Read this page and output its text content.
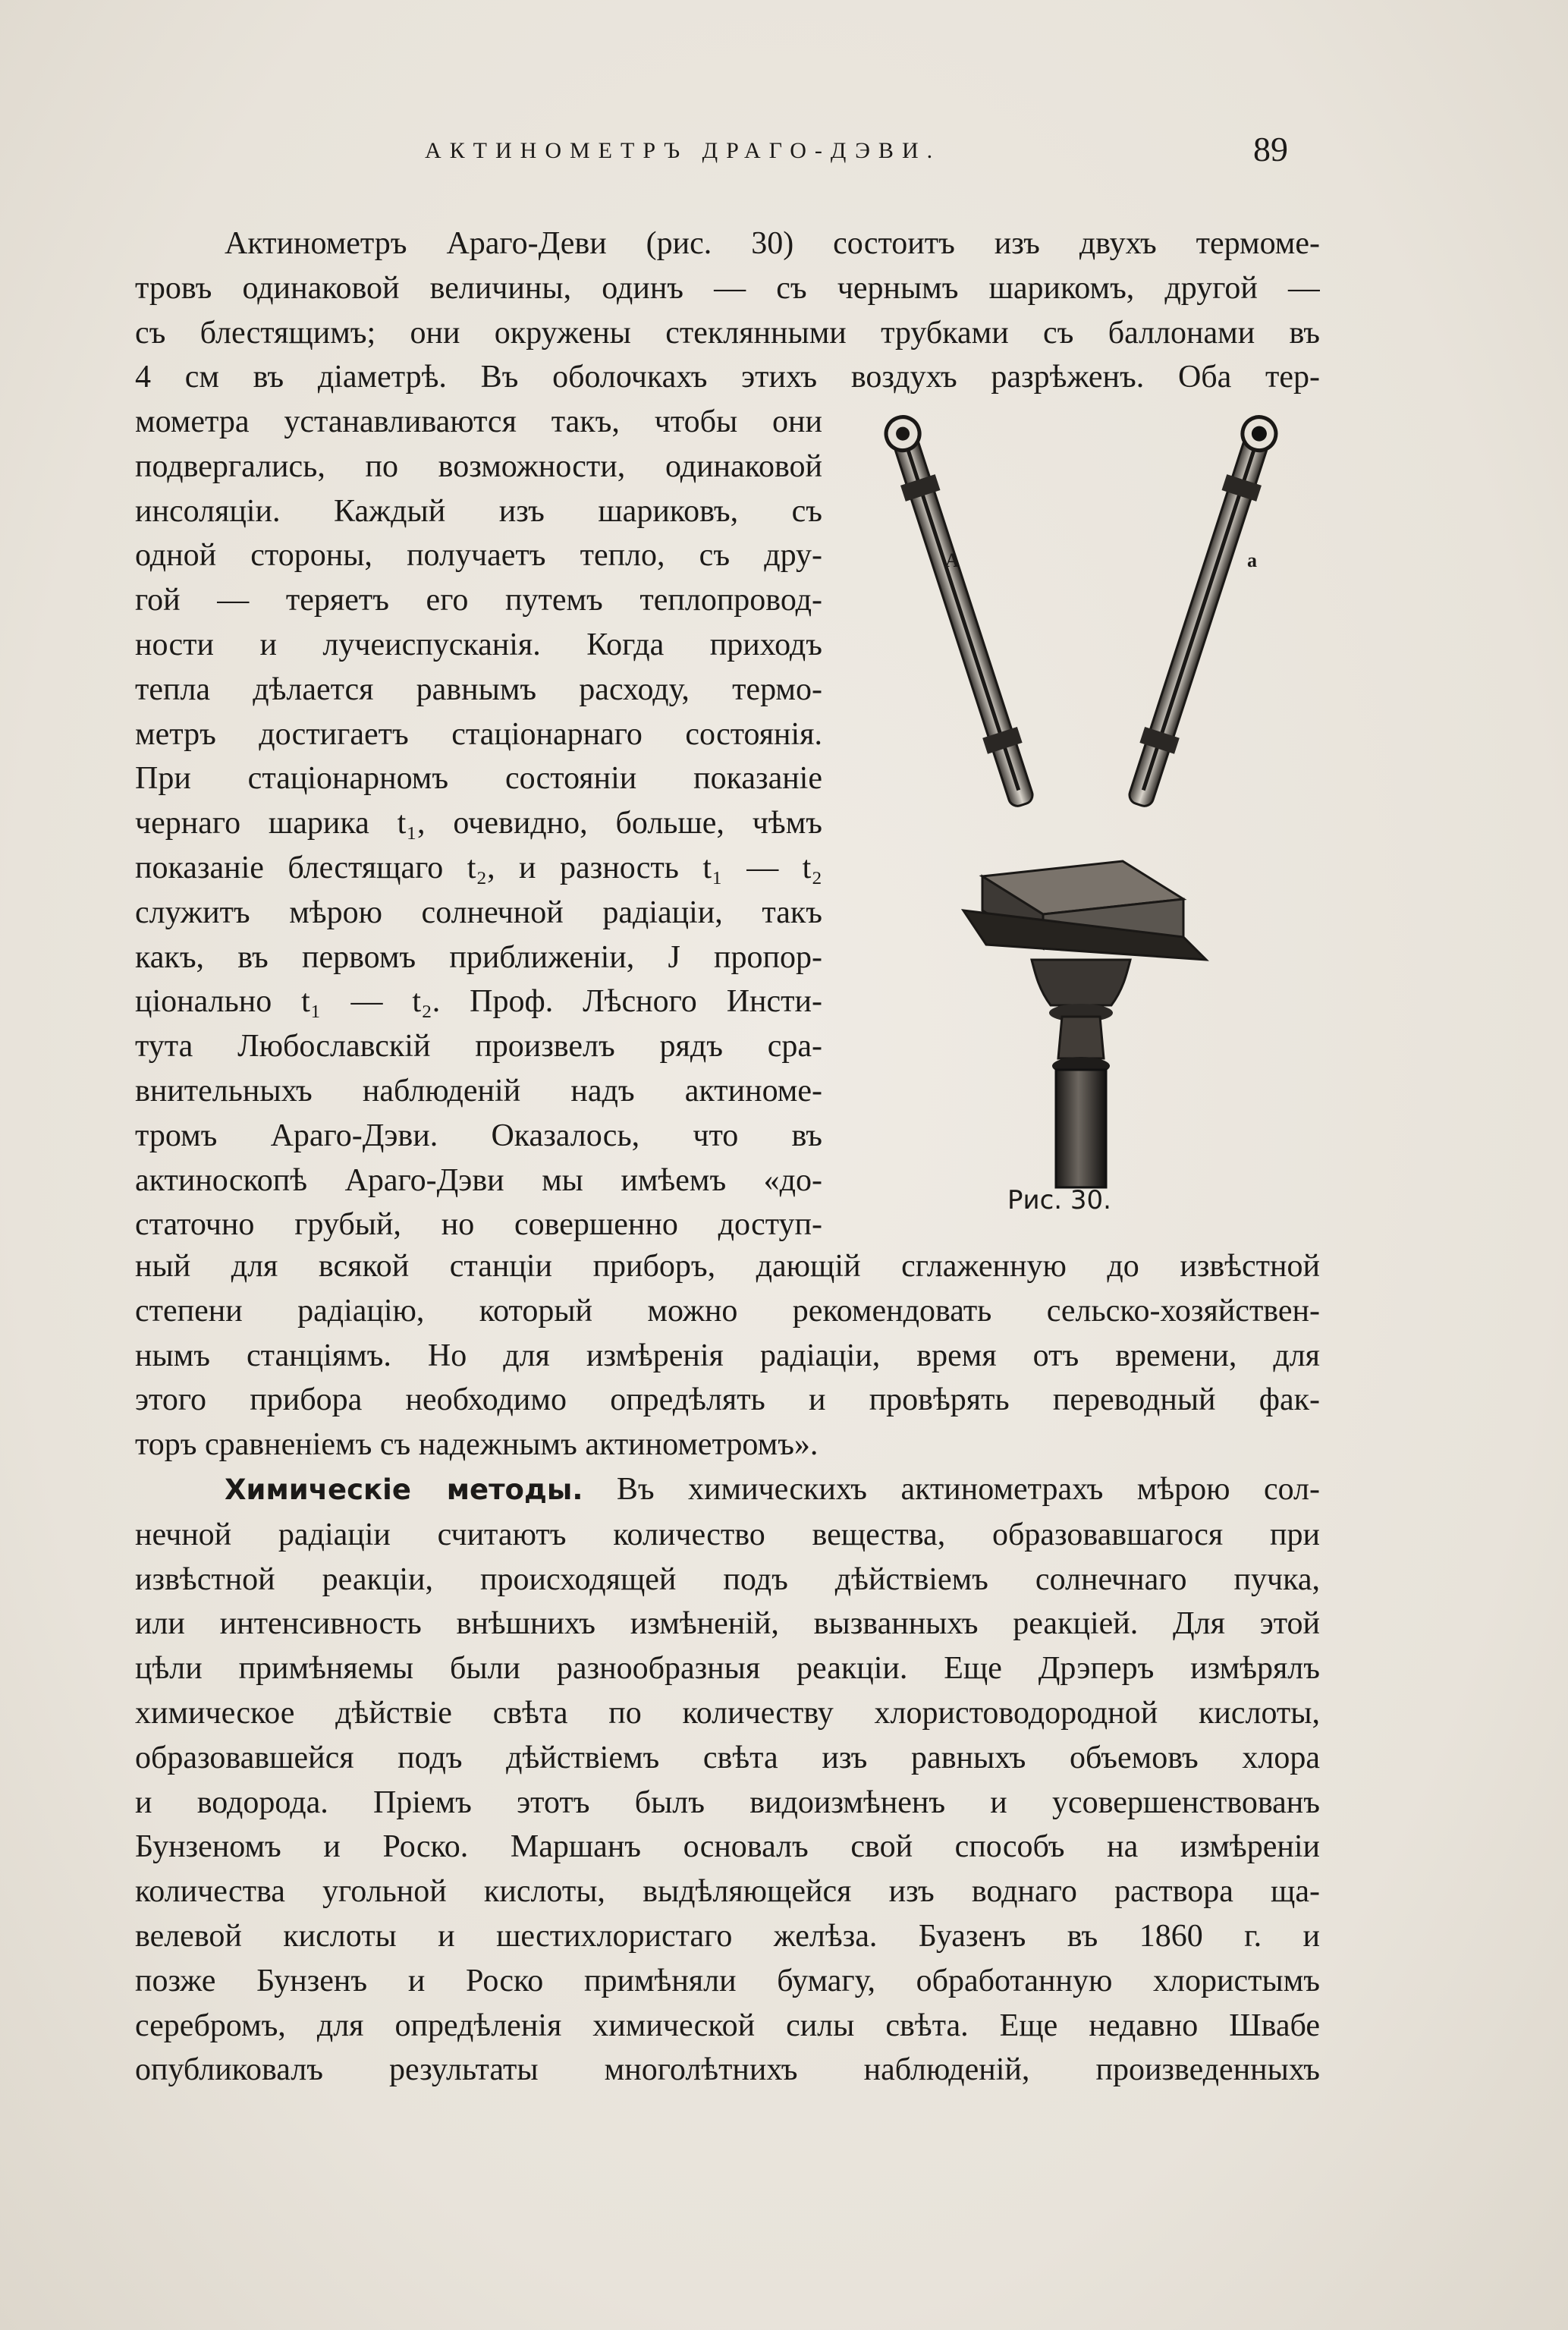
АКТИНОМЕТРЪ ДРАГО-ДЭВИ.	89
Актинометръ Араго-Деви (рис. 30) состоитъ изъ двухъ термоме-
тровъ одинаковой величины, одинъ — съ чернымъ шарикомъ, другой —
съ блестящимъ; они окружены стеклянными трубками съ баллонами въ
4 см въ діаметрѣ. Въ оболочкахъ этихъ воздухъ разрѣженъ. Оба тер-
мометра устанавливаются такъ, чтобы они
подвергались, по возможности, одинаковой
инсоляціи. Каждый изъ шариковъ, съ
одной стороны, получаетъ тепло, съ дру-
гой — теряетъ его путемъ теплопровод-
ности и лучеиспусканія. Когда приходъ
тепла дѣлается равнымъ расходу, термо-
метръ достигаетъ стаціонарнаго состоянія.
При стаціонарномъ состояніи показаніе
чернаго шарика t₁, очевидно, больше, чѣмъ
показаніе блестящаго t₂, и разность t₁ — t₂
служитъ мѣрою солнечной радіаціи, такъ
какъ, въ первомъ приближеніи, J пропор-
ціонально t₁ — t₂. Проф. Лѣсного Инсти-
тута Любославскій произвелъ рядъ сра-
внительныхъ наблюденій надъ актиноме-
тромъ Араго-Дэви. Оказалось, что въ
актиноскопѣ Араго-Дэви мы имѣемъ «до-
статочно грубый, но совершенно доступ-
A	a
Рис. 30.
ный для всякой станціи приборъ, дающій сглаженную до извѣстной
степени радіацію, который можно рекомендовать сельско-хозяйствен-
нымъ станціямъ. Но для измѣренія радіаціи, время отъ времени, для
этого прибора необходимо опредѣлять и провѣрять переводный фак-
торъ сравненіемъ съ надежнымъ актинометромъ».
Химическіе методы. Въ химическихъ актинометрахъ мѣрою сол-
нечной радіаціи считаютъ количество вещества, образовавшагося при
извѣстной реакціи, происходящей подъ дѣйствіемъ солнечнаго пучка,
или интенсивность внѣшнихъ измѣненій, вызванныхъ реакціей. Для этой
цѣли примѣняемы были разнообразныя реакціи. Еще Дрэперъ измѣрялъ
химическое дѣйствіе свѣта по количеству хлористоводородной кислоты,
образовавшейся подъ дѣйствіемъ свѣта изъ равныхъ объемовъ хлора
и водорода. Пріемъ этотъ былъ видоизмѣненъ и усовершенствованъ
Бунзеномъ и Роско. Маршанъ основалъ свой способъ на измѣреніи
количества угольной кислоты, выдѣляющейся изъ воднаго раствора ща-
велевой кислоты и шестихлористаго желѣза. Буазенъ въ 1860 г. и
позже Бунзенъ и Роско примѣняли бумагу, обработанную хлористымъ
серебромъ, для опредѣленія химической силы свѣта. Еще недавно Швабе
опубликовалъ результаты многолѣтнихъ наблюденій, произведенныхъ
